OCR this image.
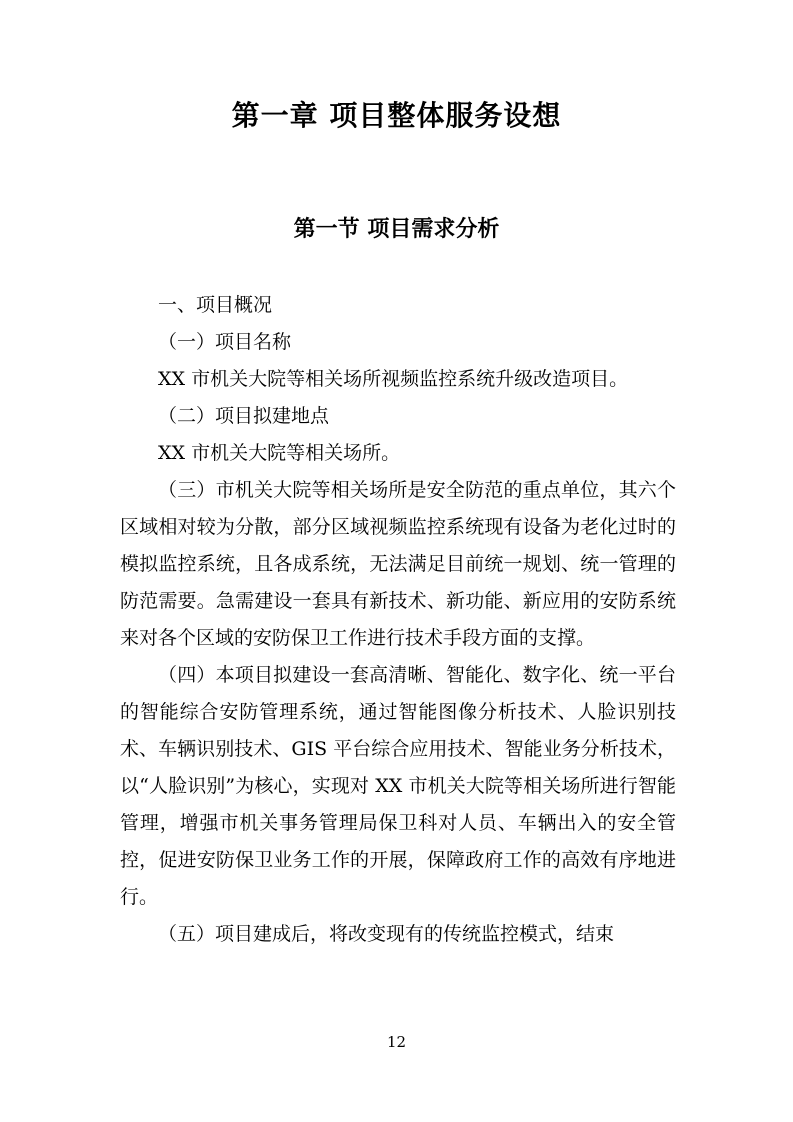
第一章 项目整体服务设想
第一节 项目需求分析

一、项目概况

（一）项目名称

XX 市机关大院等相关场所视频监控系统升级改造项目。

（二）项目拟建地点

XX 市机关大院等相关场所。

（三）市机关大院等相关场所是安全防范的重点单位，其六个区域相对较为分散，部分区域视频监控系统现有设备为老化过时的模拟监控系统，且各成系统，无法满足目前统一规划、统一管理的防范需要。急需建设一套具有新技术、新功能、新应用的安防系统来对各个区域的安防保卫工作进行技术手段方面的支撑。

（四）本项目拟建设一套高清晰、智能化、数字化、统一平台的智能综合安防管理系统，通过智能图像分析技术、人脸识别技术、车辆识别技术、GIS 平台综合应用技术、智能业务分析技术，以“人脸识别”为核心，实现对 XX 市机关大院等相关场所进行智能管理，增强市机关事务管理局保卫科对人员、车辆出入的安全管控，促进安防保卫业务工作的开展，保障政府工作的高效有序地进行。

（五）项目建成后，将改变现有的传统监控模式，结束

12
